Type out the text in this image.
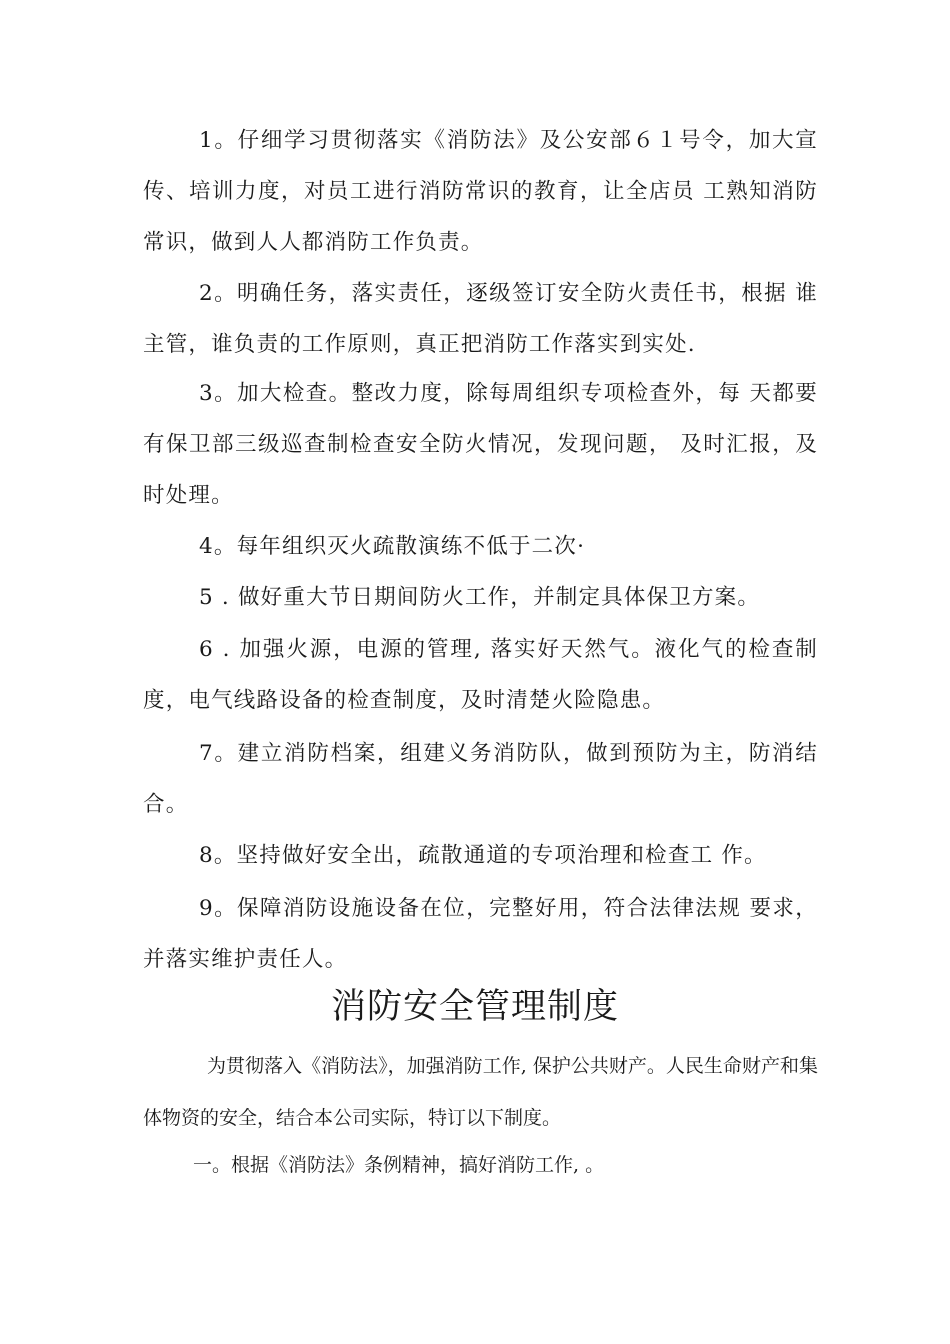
1。仔细学习贯彻落实《消防法》及公安部６１号令，加大宣传、培训力度，对员工进行消防常识的教育，让全店员 工熟知消防常识，做到人人都消防工作负责。

2。明确任务，落实责任，逐级签订安全防火责任书，根据 谁主管，谁负责的工作原则，真正把消防工作落实到实处.

3。加大检查。整改力度，除每周组织专项检查外，每 天都要有保卫部三级巡查制检查安全防火情况，发现问题， 及时汇报，及时处理。

4。每年组织灭火疏散演练不低于二次·

5 . 做好重大节日期间防火工作，并制定具体保卫方案。

6 . 加强火源，电源的管理, 落实好天然气。液化气的检查制度，电气线路设备的检查制度，及时清楚火险隐患。

7。建立消防档案，组建义务消防队，做到预防为主，防消结合。

8。坚持做好安全出，疏散通道的专项治理和检查工 作。

9。保障消防设施设备在位，完整好用，符合法律法规 要求，并落实维护责任人。

消防安全管理制度

为贯彻落入《消防法》，加强消防工作, 保护公共财产。人民生命财产和集体物资的安全，结合本公司实际，特订以下制度。

一。根据《消防法》条例精神，搞好消防工作, 。
